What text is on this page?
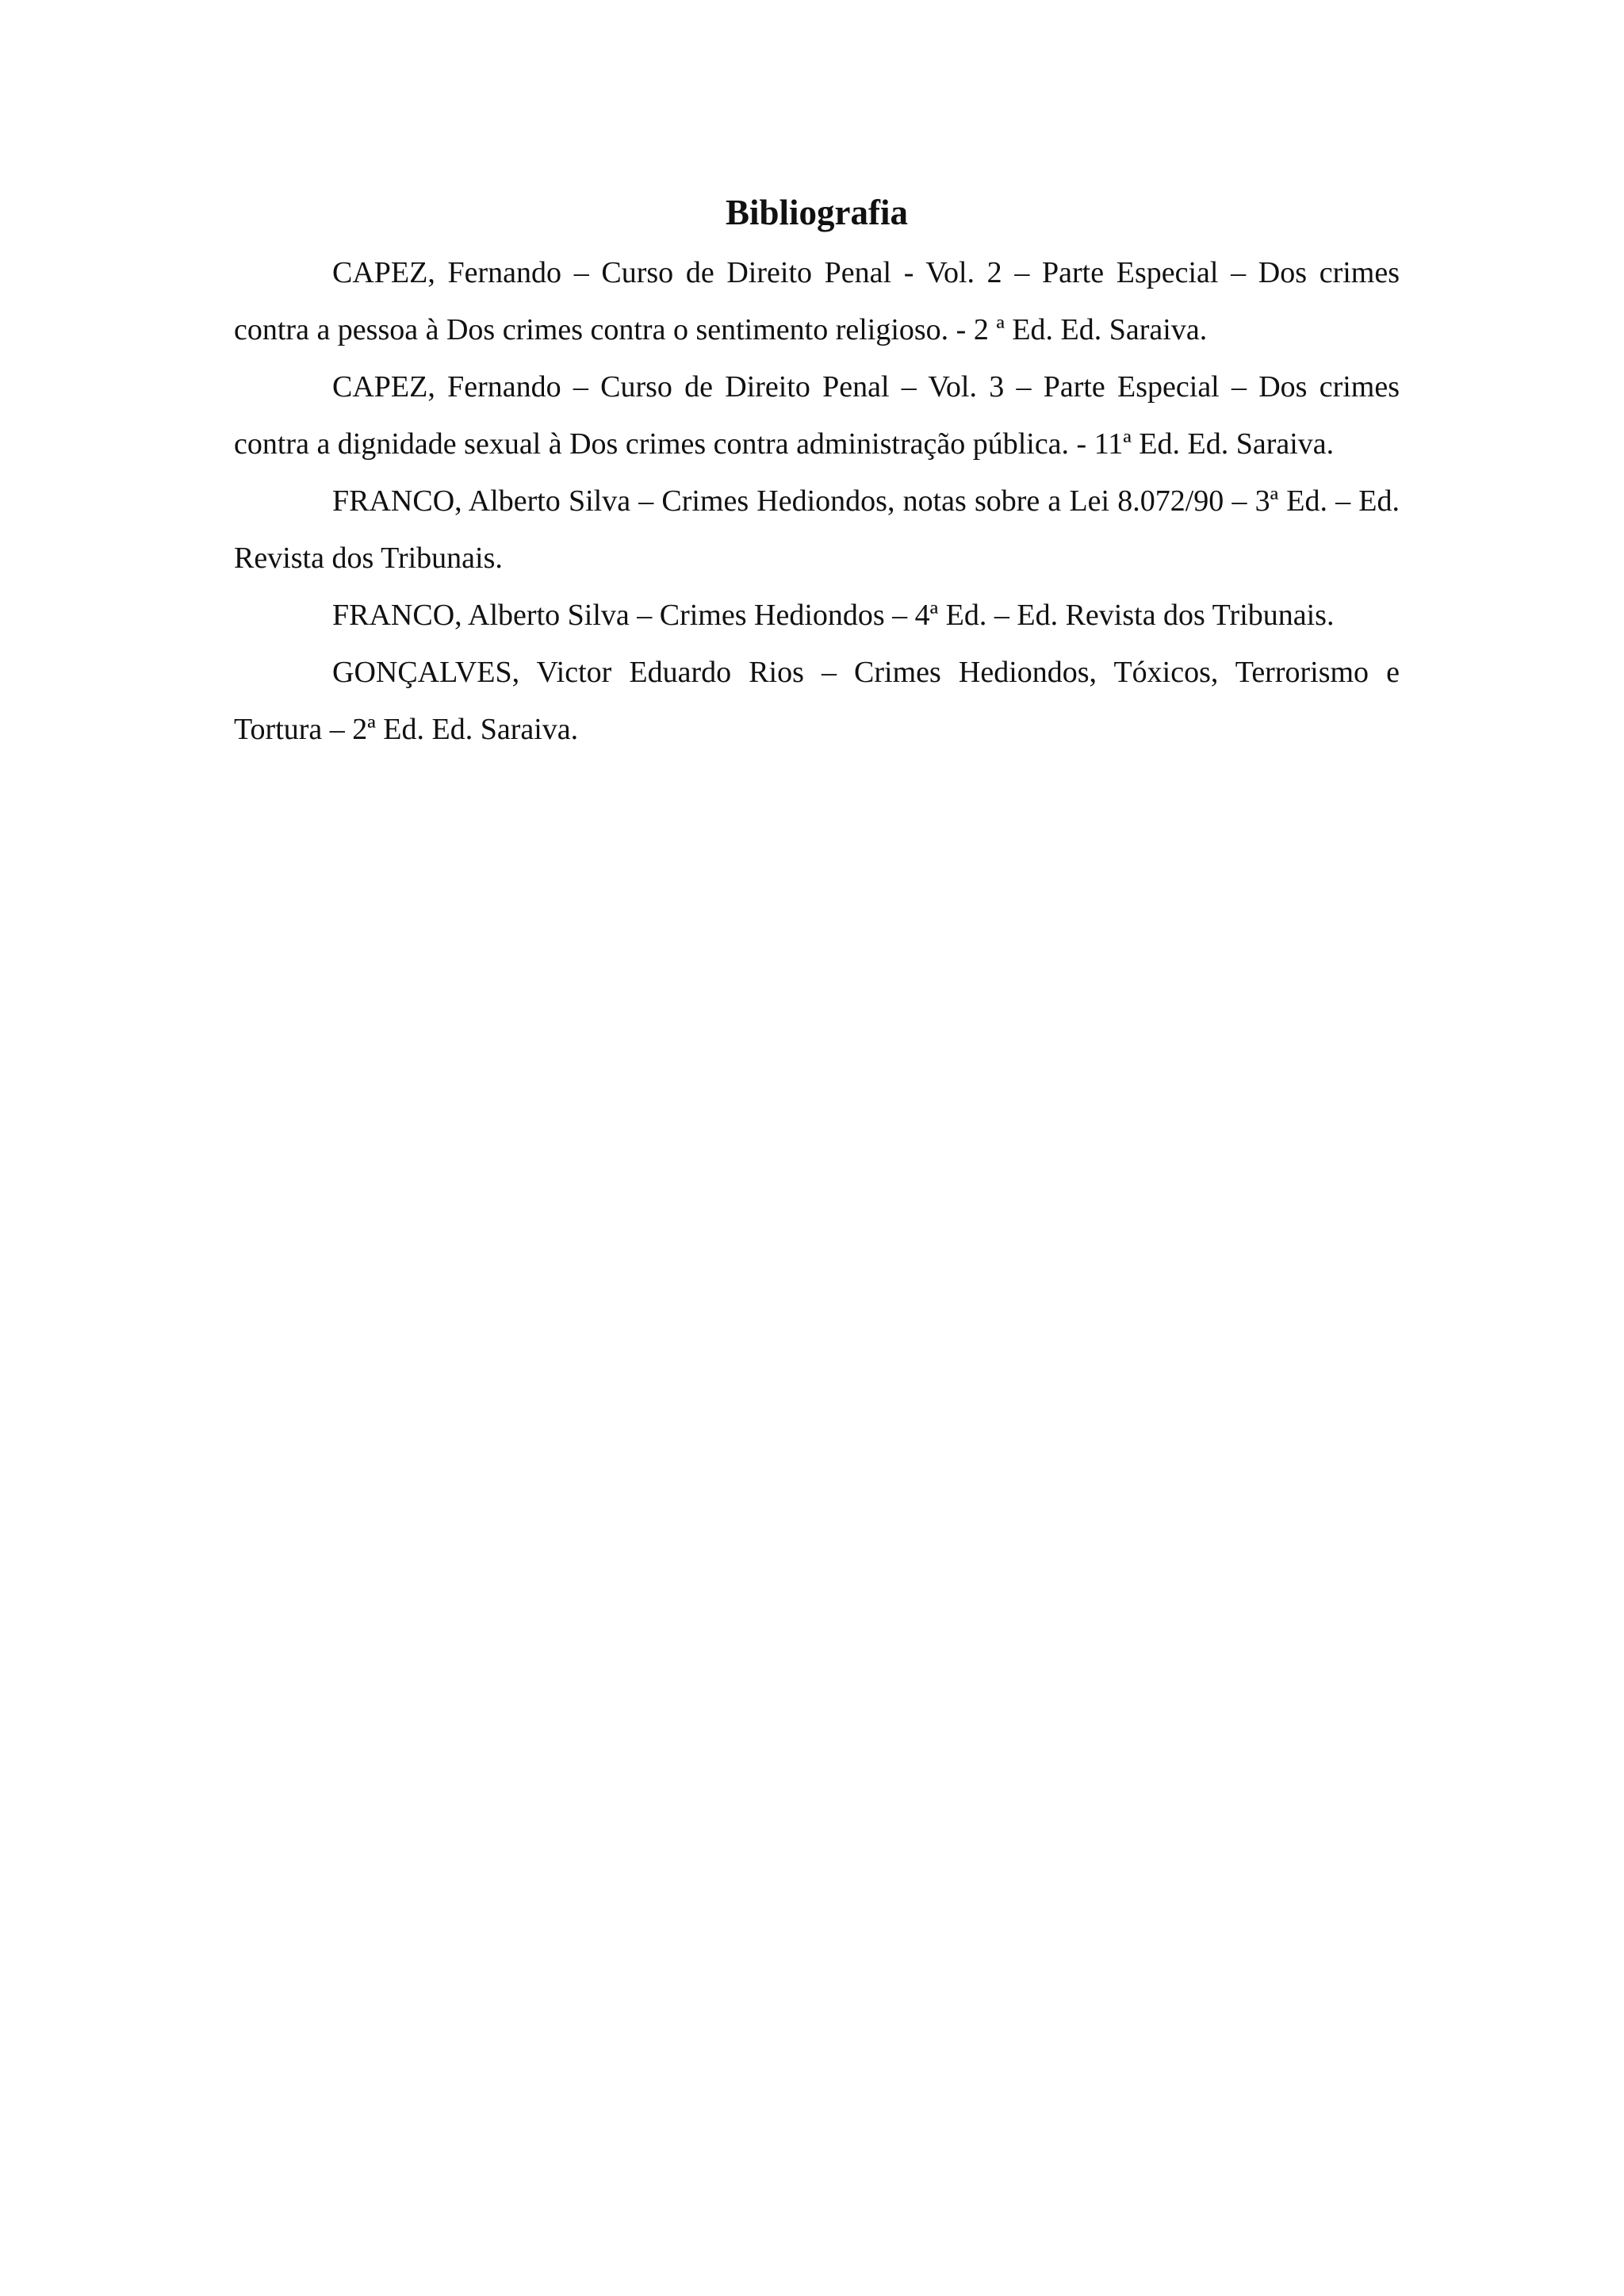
Bibliografia

CAPEZ, Fernando – Curso de Direito Penal - Vol. 2 – Parte Especial – Dos crimes contra a pessoa à Dos crimes contra o sentimento religioso. - 2 ª Ed. Ed. Saraiva.

CAPEZ, Fernando – Curso de Direito Penal – Vol. 3 – Parte Especial – Dos crimes contra a dignidade sexual à Dos crimes contra administração pública. - 11ª Ed. Ed. Saraiva.

FRANCO, Alberto Silva – Crimes Hediondos, notas sobre a Lei 8.072/90 – 3ª Ed. – Ed. Revista dos Tribunais.

FRANCO, Alberto Silva – Crimes Hediondos – 4ª Ed. – Ed. Revista dos Tribunais.

GONÇALVES, Victor Eduardo Rios – Crimes Hediondos, Tóxicos, Terrorismo e Tortura – 2ª Ed. Ed. Saraiva.
